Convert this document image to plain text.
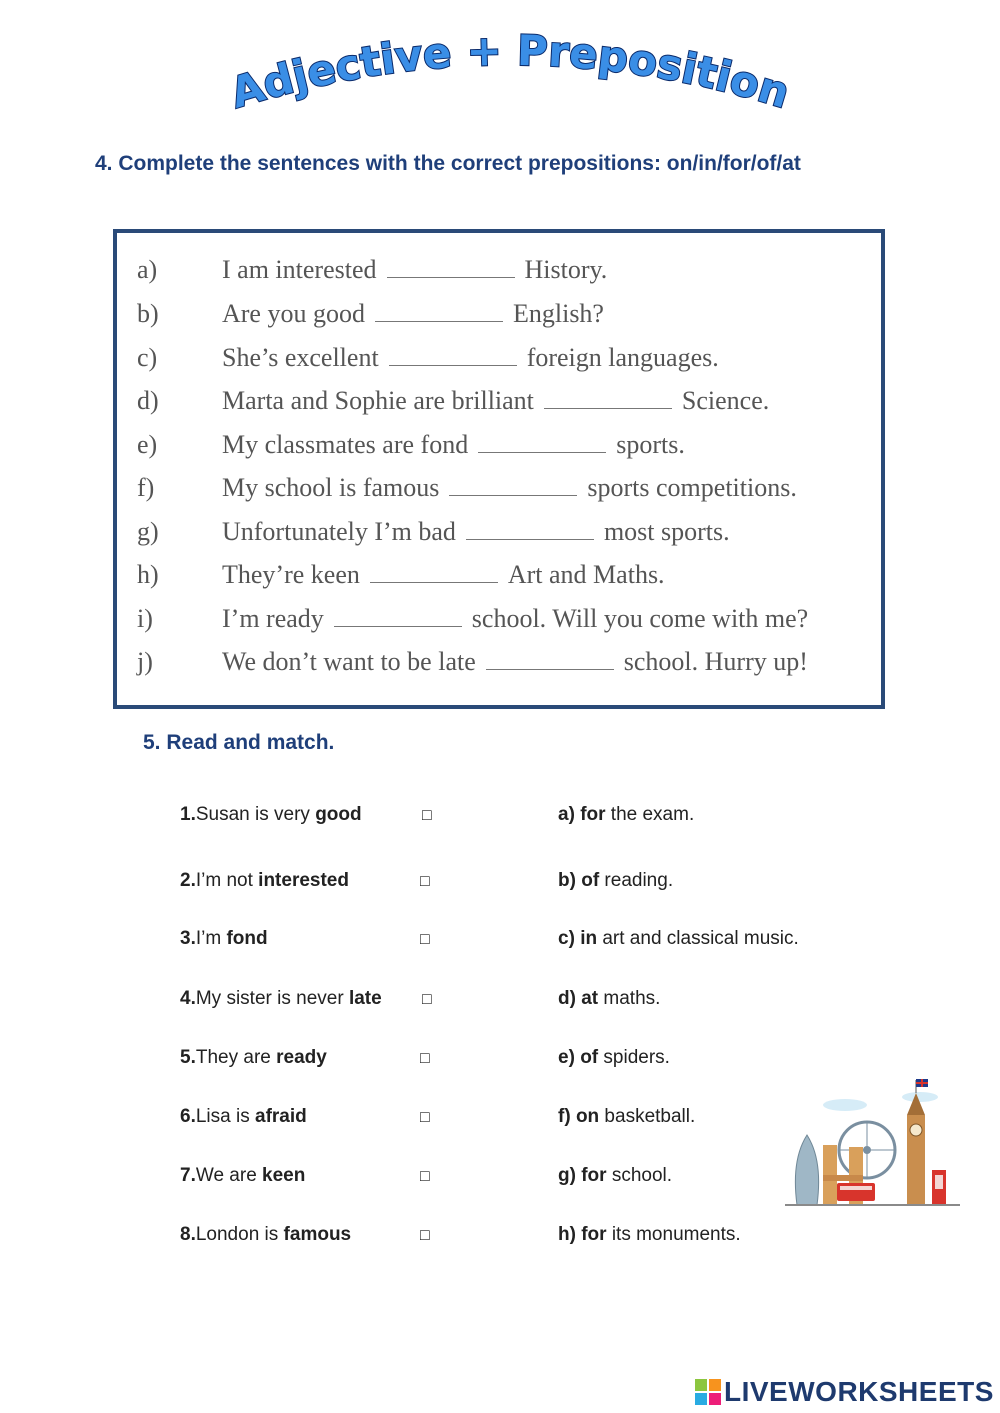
Adjective + Preposition
4. Complete the sentences with the correct prepositions: on/in/for/of/at
a)	I am interested	History.
b)	Are you good	English?
c)	She’s excellent	foreign languages.
d)	Marta and Sophie are brilliant	Science.
e)	My classmates are fond	sports.
f)	My school is famous	sports competitions.
g)	Unfortunately I’m bad	most sports.
h)	They’re keen	Art and Maths.
i)	I’m ready	school. Will you come with me?
j)	We don’t want to be late	school. Hurry up!
5. Read and match.
1.Susan is very good	□	a) for the exam.
2.I’m not interested	□	b) of reading.
3.I’m fond	□	c) in art and classical music.
4.My sister is never late	□	d) at maths.
5.They are ready	□	e) of spiders.
6.Lisa is afraid	□	f) on basketball.
7.We are keen	□	g) for school.
8.London is famous	□	h) for its monuments.
LIVEWORKSHEETS
